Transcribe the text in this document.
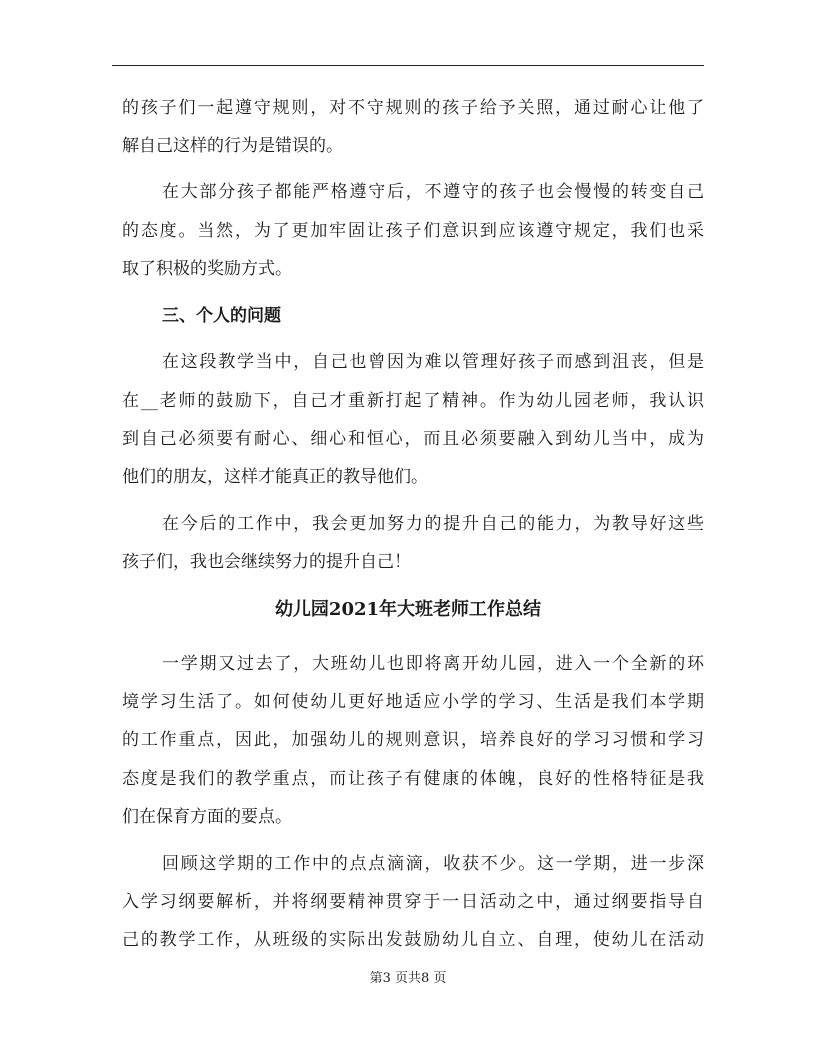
的孩子们一起遵守规则，对不守规则的孩子给予关照，通过耐心让他了
解自己这样的行为是错误的。
在大部分孩子都能严格遵守后，不遵守的孩子也会慢慢的转变自己
的态度。当然，为了更加牢固让孩子们意识到应该遵守规定，我们也采
取了积极的奖励方式。
三、个人的问题
在这段教学当中，自己也曾因为难以管理好孩子而感到沮丧，但是
在__老师的鼓励下，自己才重新打起了精神。作为幼儿园老师，我认识
到自己必须要有耐心、细心和恒心，而且必须要融入到幼儿当中，成为
他们的朋友，这样才能真正的教导他们。
在今后的工作中，我会更加努力的提升自己的能力，为教导好这些
孩子们，我也会继续努力的提升自己！
幼儿园2021年大班老师工作总结
一学期又过去了，大班幼儿也即将离开幼儿园，进入一个全新的环
境学习生活了。如何使幼儿更好地适应小学的学习、生活是我们本学期
的工作重点，因此，加强幼儿的规则意识，培养良好的学习习惯和学习
态度是我们的教学重点，而让孩子有健康的体魄，良好的性格特征是我
们在保育方面的要点。
回顾这学期的工作中的点点滴滴，收获不少。这一学期，进一步深
入学习纲要解析，并将纲要精神贯穿于一日活动之中，通过纲要指导自
己的教学工作，从班级的实际出发鼓励幼儿自立、自理，使幼儿在活动
第3 页共8 页
